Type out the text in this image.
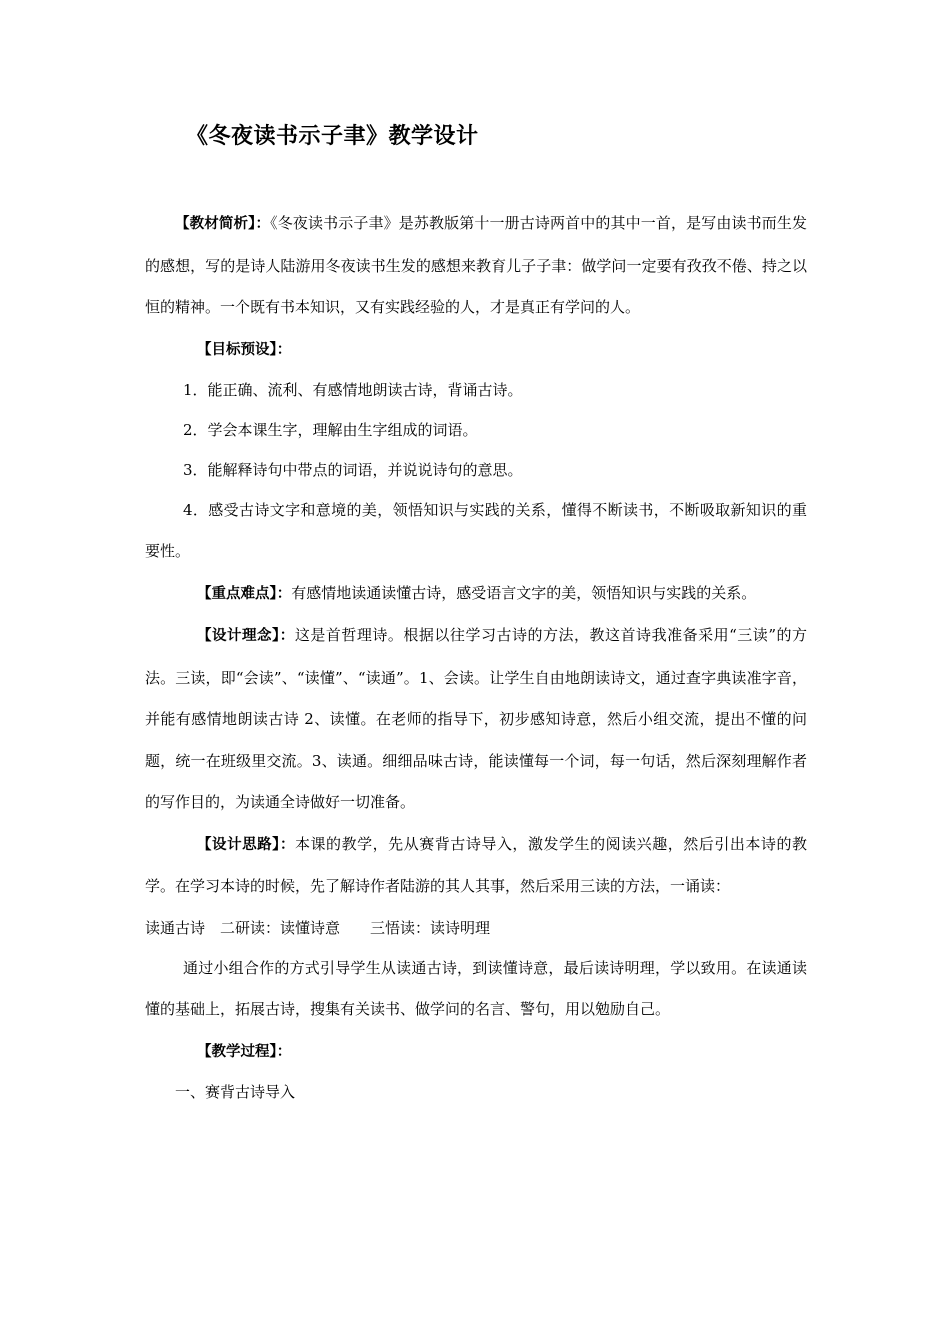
《冬夜读书示子聿》教学设计

【教材简析】：《冬夜读书示子聿》是苏教版第十一册古诗两首中的其中一首，是写由读书而生发的感想，写的是诗人陆游用冬夜读书生发的感想来教育儿子子聿：做学问一定要有孜孜不倦、持之以恒的精神。一个既有书本知识，又有实践经验的人，才是真正有学问的人。

【目标预设】：

1．能正确、流利、有感情地朗读古诗，背诵古诗。

2．学会本课生字，理解由生字组成的词语。

3．能解释诗句中带点的词语，并说说诗句的意思。

4．感受古诗文字和意境的美，领悟知识与实践的关系，懂得不断读书，不断吸取新知识的重要性。

【重点难点】：有感情地读通读懂古诗，感受语言文字的美，领悟知识与实践的关系。

【设计理念】：这是首哲理诗。根据以往学习古诗的方法，教这首诗我准备采用“三读”的方法。三读，即“会读”、“读懂”、“读通”。1、会读。让学生自由地朗读诗文，通过查字典读准字音，并能有感情地朗读古诗 2、读懂。在老师的指导下，初步感知诗意，然后小组交流，提出不懂的问题，统一在班级里交流。3、读通。细细品味古诗，能读懂每一个词，每一句话，然后深刻理解作者的写作目的，为读通全诗做好一切准备。

【设计思路】：本课的教学，先从赛背古诗导入，激发学生的阅读兴趣，然后引出本诗的教学。在学习本诗的时候，先了解诗作者陆游的其人其事，然后采用三读的方法，一诵读：

读通古诗　二研读：读懂诗意　　三悟读：读诗明理

通过小组合作的方式引导学生从读通古诗，到读懂诗意，最后读诗明理，学以致用。在读通读懂的基础上，拓展古诗，搜集有关读书、做学问的名言、警句，用以勉励自己。

【教学过程】：

一、赛背古诗导入
